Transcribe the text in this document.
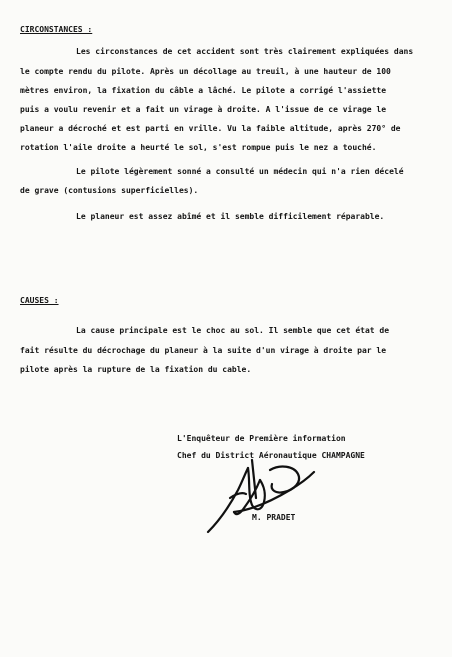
CIRCONSTANCES :
Les circonstances de cet accident sont très clairement expliquées dans
le compte rendu du pilote. Après un décollage au treuil, à une hauteur de 100
mètres environ, la fixation du câble a lâché. Le pilote a corrigé l'assiette
puis a voulu revenir et a fait un virage à droite. A l'issue de ce virage le
planeur a décroché et est parti en vrille. Vu la faible altitude, après 270° de
rotation l'aile droite a heurté le sol, s'est rompue puis le nez a touché.
Le pilote légèrement sonné a consulté un médecin qui n'a rien décelé
de grave (contusions superficielles).
Le planeur est assez abîmé et il semble difficilement réparable.
CAUSES :
La cause principale est le choc au sol. Il semble que cet état de
fait résulte du décrochage du planeur à la suite d'un virage à droite par le
pilote après la rupture de la fixation du cable.
L'Enquêteur de Première information
Chef du District Aéronautique CHAMPAGNE
M. PRADET
